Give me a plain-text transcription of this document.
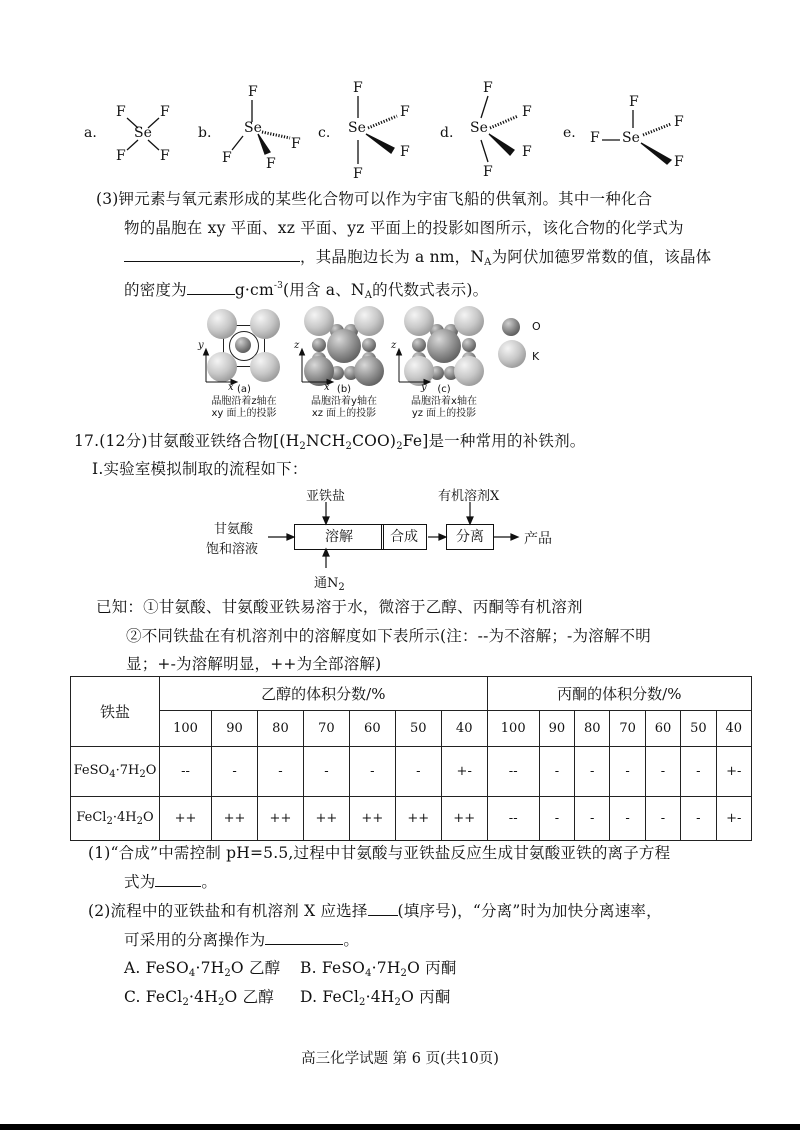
a.	b.	c.	d.	e.
Se
F F
F F
Se
F
F
F
F
Se
F
F
F
F
Se
F
F
F
F
Se
F
F
F
F
(3)钾元素与氧元素形成的某些化合物可以作为宇宙飞船的供氧剂。其中一种化合
物的晶胞在 xy 平面、xz 平面、yz 平面上的投影如图所示，该化合物的化学式为
，其晶胞边长为 a nm，$N_A$为阿伏加德罗常数的值，该晶体
的密度为	$g\cdot cm^{-3}$(用含 a、$N_A$的代数式表示)。
y
x
z
x
z
y
(a)
晶胞沿着z轴在
xy 面上的投影
(b)
晶胞沿着y轴在
xz 面上的投影
(c)
晶胞沿着x轴在
yz 面上的投影
O
K
17.(12分)甘氨酸亚铁络合物$[(H_2NCH_2COO)_2Fe]$是一种常用的补铁剂。
I.实验室模拟制取的流程如下：
亚铁盐	有机溶剂X
甘氨酸
饱和溶液
溶解	合成	分离	产品
通$N_2$
已知：①甘氨酸、甘氨酸亚铁易溶于水，微溶于乙醇、丙酮等有机溶剂
②不同铁盐在有机溶剂中的溶解度如下表所示(注：--为不溶解；-为溶解不明
显；+-为溶解明显，++为全部溶解)
铁盐	乙醇的体积分数/%							丙酮的体积分数/%						
	100	90	80	70	60	50	40	100	90	80	70	60	50	40
$FeSO_4\cdot 7H_2O$	--	-	-	-	-	-	+-	--	-	-	-	-	-	+-
$FeCl_2\cdot 4H_2O$	++	++	++	++	++	++	++	--	-	-	-	-	-	+-
(1)“合成”中需控制 pH=5.5,过程中甘氨酸与亚铁盐反应生成甘氨酸亚铁的离子方程
式为	。
(2)流程中的亚铁盐和有机溶剂 X 应选择 (填序号)，“分离”时为加快分离速率，
可采用的分离操作为	。
A. $FeSO_4\cdot 7H_2O$ 乙醇 B. $FeSO_4\cdot 7H_2O$ 丙酮
C. $FeCl_2\cdot 4H_2O$ 乙醇 D. $FeCl_2\cdot 4H_2O$ 丙酮
高三化学试题 第 6 页(共10页)
